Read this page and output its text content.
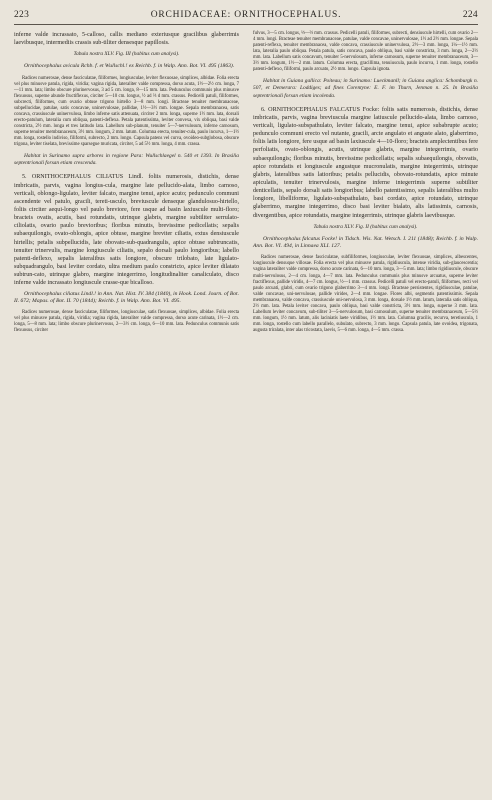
223	ORCHIDACEAE: ORNITHOCEPHALUS.	224

inferne valde incrassato, 5-calloso, callis mediano exteriusque gracilibus glaberrimis laevibusque, intermediis crassis sub-tiliter densesque papillosis.

Tabula nostra XLV. Fig. III (habitus cum analysi).

Ornithocephalus avicula Rchb. f. et Wullschl.! ex Reichb. f. in Walp. Ann. Bot. VI. 495 (1863).

Radices numerosae, dense fasciculatae, filiformes, longiusculae, leviter flexuosae, simplices, albidae. Folia erecta vel plus minusve patula, rigida, viridia; vagina rigida, lateraliter valde compressa, dorso acuta, 1½—2½ cm. longa, 7—11 mm. lata; limbo obscure plurinervosus, 3 ad 5 cm. longa, 8—15 mm. lata. Pedunculus communis plus minusve flexuosus, superne abunde fructiflexus, circiter 5—10 cm. longus, ½ ad ⅔ d mm. crassus. Pedicelli patuli, filiformes, subcrecti, filiformes, cum ovario obtuse trigono hirtello 3—8 mm. longi. Bracteae tenuiter membranaceae, subpellucidae, patulae, satis concavae, uninervulosae, pallidae, 1½—3½ mm. longae. Sepala membranacea, satis concava, crassiuscule uninervulosa, limbo inferne satis attenuata, circiter 2 mm. longa, superne 1½ mm. lata, dorsali erecto-patulum, lateralia cum obliqua, patenti-deflexa. Petala patentissima, leviter convexa, vix obliqua, basi valde constricta, 2½ mm. longa et tres latitudo lata. Labellum sub-planum, tenuiter 5—7-nervulosum, inferne carnosum, superne tenuiter membranaceum, 3½ mm. longum, 2 mm. latum. Columna erecta, tenuiter-cula, paulo incurva, 1—1½ mm. longa, rostello indiviso, filiformi, subrecto, 2 mm. longo. Capsula patens vel curva, ovoideo-subglobosa, obscure trigona, leviter tiselata, brevissime sparsegue muricata, circiter, 5 ad 5½ mm. longa, 4 mm. crassa.

Habitat in Surinamo supra arbores in regione Para: Wullschlaegel n. 540 et 1393. In Brasilia septentrionali forsan etiam crescenda.

5. ORNITHOCEPHALUS CILIATUS Lindl. foliis numerosis, distichis, dense imbricatis, parvis, vagina longius-cula, margine late pellucido-alata, limbo carnoso, verticali, oblongo-ligulato, leviter falcato, margine tenui, apice acuto; pedunculo communi ascendente vel patulo, gracili, tereti-usculo, breviuscule denseque glandulosuo-hirtello, foliis circiter aequi-longo vel paulo breviore, fere usque ad basin laxiuscule multi-floro; bracteis ovatis, acutis, basi rotundatis, utrinque glabris, margine subtiliter serrulato-ciliolatis, ovario paulo brevioribus; floribus minutis, brevissime pedicellatis; sepalis subaequilongis, ovato-oblongis, apice obtuse, margine breviter ciliatis, extus densiuscule hirtellis; petalis subpellucidis, late obovato-sub-quadrangulis, apice obtuse subtruncatis, tenuiter trinervulis, margine longiuscule ciliatis, sepalo dorsali paulo longioribus; labello patenti-deflexo, sepalis lateralibus satis longiore, obscure trilobato, late ligulato-subquadrangulo, basi leviter cordato, ultra medium paulo constricto, apice leviter dilatato subtrun-cato, utrinque glabro, margine integerrimo, longitudinaliter canaliculato, disco inferne valde incrassato longiuscule crasse-que bicalloso.

Ornithocephalus ciliatus Lindl.! in Ann. Nat. Hist. IV. 384 (1840), in Hook. Lond. Journ. of Bot. II. 672; Mapas. of Bot. II. 70 (1844); Reichb. f. in Walp. Ann. Bot. VI. 495.

Radices numerosae, dense fasciculatae, filiformes, longiusculae, satis flexuosae, simplices, albidae. Folia erecta vel plus minusve patula, rigida, viridia; vagina rigida, lateraliter valde compressa, dorso acute carinata, 1½—2 cm. longa, 5—8 mm. lata; limbo obscure plurinervosus, 2—3½ cm. longa, 6—10 mm. lata. Pedunculus communis satis flexuosus, circiter

fulvus, 3—5 cm. longus, ⅓—⅔ mm. crassus. Pedicelli patuli, filiformes, subrecti, densiuscule hirtelli, cum ovario 2—4 mm. longi. Bracteae tenuiter membranaceae, patulae, valde concavae, uninervulosae, 1½ ad 2½ mm. longae. Sepala patenti-reflexa, tenuiter membranacea, valde concava, crassiuscule uninervulosa, 2½—3 mm. longa, 1¼—1½ mm. lata, lateralia paulo obliqua. Petala patula, satis concava, paulo obliqua, basi valde constricta, 3 mm. longa, 2—2½ mm. lata. Labellum satis concavum, tenuiter 5-nervulosum, inferne carnosum, superne tenuiter membranaceum, 3—3½ mm. longum, 1½—2 mm. latum. Columna erecta, gracillima, tenuiuscula, paulo incurva, 1 mm. longa, rostello patenti-deflexo, filiformi, paulo arcuato, 2½ mm. longo. Capsula ignota.

Habitat in Guiana gallica: Poiteau; in Surinamo: Lueckmanll; in Guiana anglica: Schomburgk n. 507, et Demerara: Loddiges; ad fines Corentyne: E. F. im Thurn, Jenman n. 25. In Brasilia septentrionali forsan etiam incolenda.

6. ORNITHOCEPHALUS FALCATUS Focke: foliis satis numerosis, distichis, dense imbricatis, parvis, vagina breviuscula margine latiuscule pellucido-alata, limbo carnoso, verticali, ligulato-subspathulato, leviter falcato, margine tenui, apice subabrupte acuto; pedunculo communi erecto vel nutante, gracili, arcte angulato et anguste alato, glaberrimo, foliis latis longiore, fere usque ad basin laxiuscule 4—10-floro; bracteis amplectentibus fere perfoliatis, ovato-oblongis, acutis, utrinque glabris, margine integerrimis, ovario subaequilongis; floribus minutis, brevissime pedicellatis; sepalis subaequilongis, obovatis, apice rotundatis et longiuscule angustque mucronulatis, margine integerrimis, utrinque glabris, lateralibus satis latioribus; petalis pellucidis, obovato-rotundatis, apice minute apiculatis, tenuiter trinervulosis, margine inferne integerrimis superne subtiliter denticellatis, sepalo dorsali satis longioribus; labello patentissimo, sepalis lateralibus multo longiore, libelliforme, ligulato-subspathulato, basi cordato, apice rotundato, utrinque glaberrimo, margine integerrimo, disco basi leviter bialato, alis latissimis, carnosis, divergentibus, apice rotundatis, margine integerrimis, utrinque glabris laevibusque.

Tabula nostra XLV. Fig. II (habitus cum analysi).

Ornithocephalus falcatus Focke! in Tidsch. Wis. Nat. Wetsch. I. 211 (1848); Reichb. f. in Walp. Ann. Bot. VI. 494, in Linnaea XLI. 127.

Radices numerosae, dense fasciculatae, subfiliformes, longiusculae, leviter flexuosae, simplices, albescentes, longiuscule densuque villosae. Folia erecta vel plus minusve patula, rigidiuscula, intense viridia, sub-glaucescentia; vagina lateraliter valde compressa, dorso acute carinata, 6—10 mm. longa, 3—5 mm. lata; limbo rigidiuscule, obscure multi-nervulosus, 2—4 cm. longa, 4—7 mm. lata. Pedunculus communis plus minusve arcuatus, superne leviter fractiflexus, pallide viridis, 4—7 cm. longus, ½—1 mm. crassus. Pedicelli patuli vel erecto-patuli, filiformes, recti vel paulo arcuati, glabri, cum ovario trigono glaberrimo 3—4 mm. longi. Bracteae persistentes, rigidiusculae, patulae, valde concavae, uni-nervulosae, pallide virides, 2—4 mm. longae. Flores albi, segmentis patentissimis. Sepala membranacea, valde concava, crassiuscule uni-nervulosa, 3 mm. longa, dorsale 1½ mm. latum, lateralia satis obliqua, 2½ mm. lata. Petala leviter concava, paulo obliqua, basi valde constricta, 3½ mm. longa, superne 3 mm. lata. Labellum leviter concavum, sub-tiliter 3—5-nervulosum, basi carnosulum, superne tenuiter membranaceum, 5—5½ mm. longum, 1½ mm. latum, alis laciniatis laete viridibus, 1½ mm. lata. Columna gracilis, recurva, teretiuscula, 1 mm. longa, rostello cum labello parallelo, subulato, subrecto, 3 mm. longo. Capsula patula, late ovoidea, trigonata, augusta triralata, inter alas tricostata, laevis, 5—6 mm. longa, 4—5 mm. crassa.
